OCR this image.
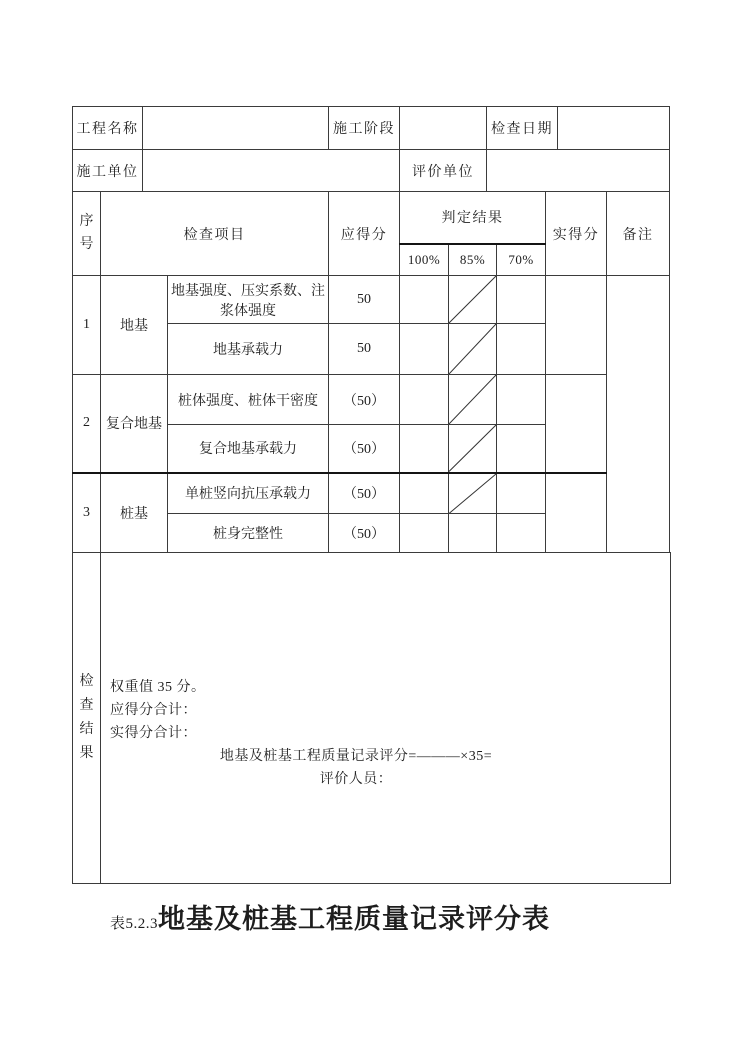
工程名称		施工阶段		检查日期	
施工单位			评价单位		
序号	检查项目		应得分	判定结果			实得分	备注
				100%	85%	70%		
1	地基	地基强度、压实系数、注浆体强度	50		

		地基承载力	50		

2	复合地基	桩体强度、桩体干密度	（50）		

		复合地基承载力	（50）		

3	桩基	单桩竖向抗压承载力	（50）		

		桩身完整性	（50）					
检查结果	
权重值 35 分。
应得分合计：
实得分合计：
地基及桩基工程质量记录评分=———×35=
评价人员：
表5.2.3 地基及桩基工程质量记录评分表
